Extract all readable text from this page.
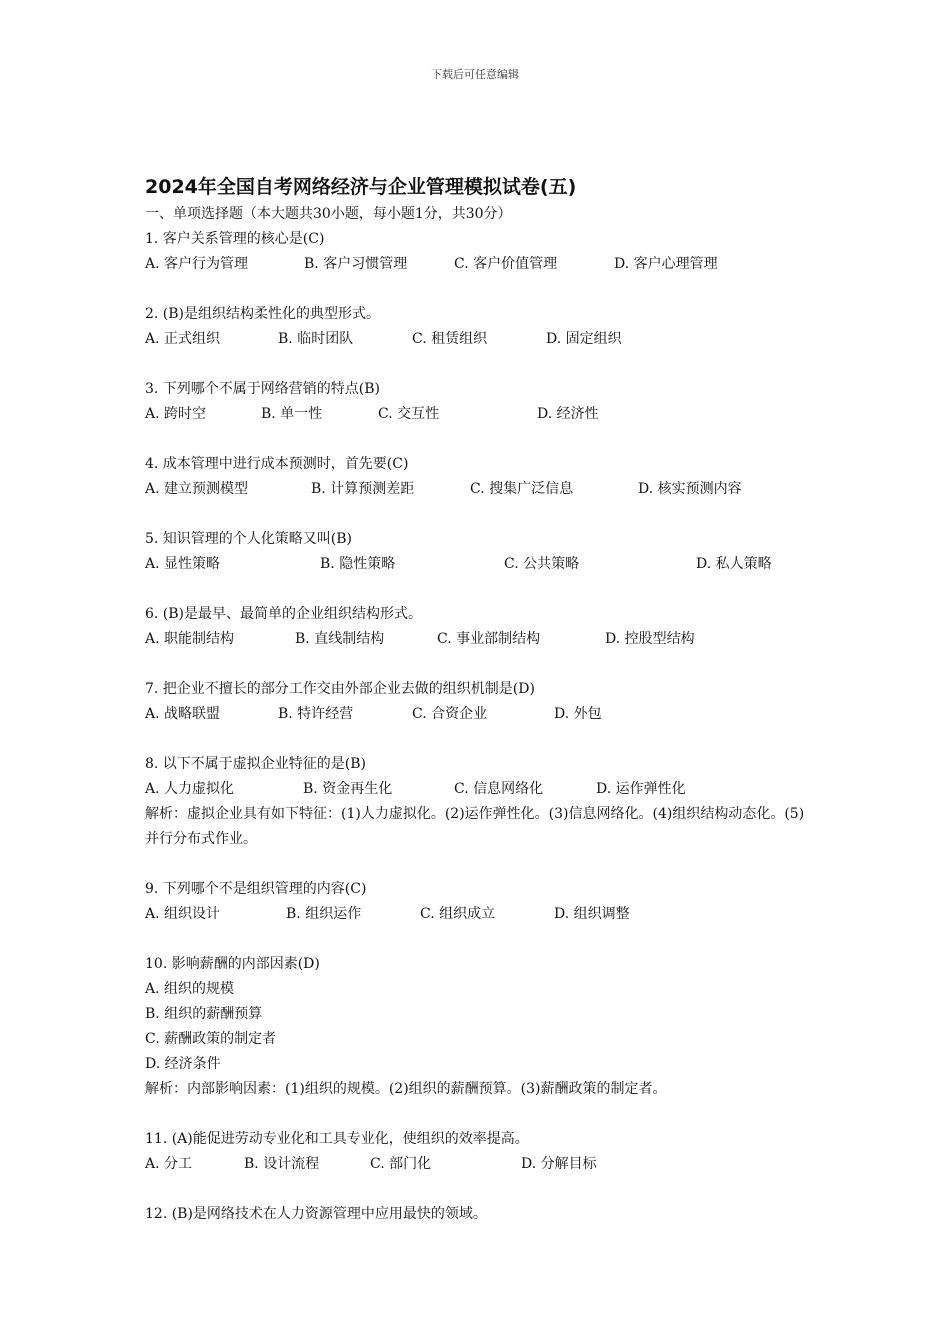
下载后可任意编辑
2024年全国自考网络经济与企业管理模拟试卷(五)
一、单项选择题（本大题共30小题，每小题1分，共30分）
1. 客户关系管理的核心是(C)
A. 客户行为管理	B. 客户习惯管理	C. 客户价值管理	D. 客户心理管理
2. (B)是组织结构柔性化的典型形式。
A. 正式组织	B. 临时团队	C. 租赁组织	D. 固定组织
3. 下列哪个不属于网络营销的特点(B)
A. 跨时空	B. 单一性	C. 交互性	D. 经济性
4. 成本管理中进行成本预测时，首先要(C)
A. 建立预测模型	B. 计算预测差距	C. 搜集广泛信息	D. 核实预测内容
5. 知识管理的个人化策略又叫(B)
A. 显性策略	B. 隐性策略	C. 公共策略	D. 私人策略
6. (B)是最早、最简单的企业组织结构形式。
A. 职能制结构	B. 直线制结构	C. 事业部制结构	D. 控股型结构
7. 把企业不擅长的部分工作交由外部企业去做的组织机制是(D)
A. 战略联盟	B. 特许经营	C. 合资企业	D. 外包
8. 以下不属于虚拟企业特征的是(B)
A. 人力虚拟化	B. 资金再生化	C. 信息网络化	D. 运作弹性化
解析：虚拟企业具有如下特征：(1)人力虚拟化。(2)运作弹性化。(3)信息网络化。(4)组织结构动态化。(5)并行分布式作业。
9. 下列哪个不是组织管理的内容(C)
A. 组织设计	B. 组织运作	C. 组织成立	D. 组织调整
10. 影响薪酬的内部因素(D)
A. 组织的规模
B. 组织的薪酬预算
C. 薪酬政策的制定者
D. 经济条件
解析：内部影响因素：(1)组织的规模。(2)组织的薪酬预算。(3)薪酬政策的制定者。
11. (A)能促进劳动专业化和工具专业化，使组织的效率提高。
A. 分工	B. 设计流程	C. 部门化	D. 分解目标
12. (B)是网络技术在人力资源管理中应用最快的领域。
